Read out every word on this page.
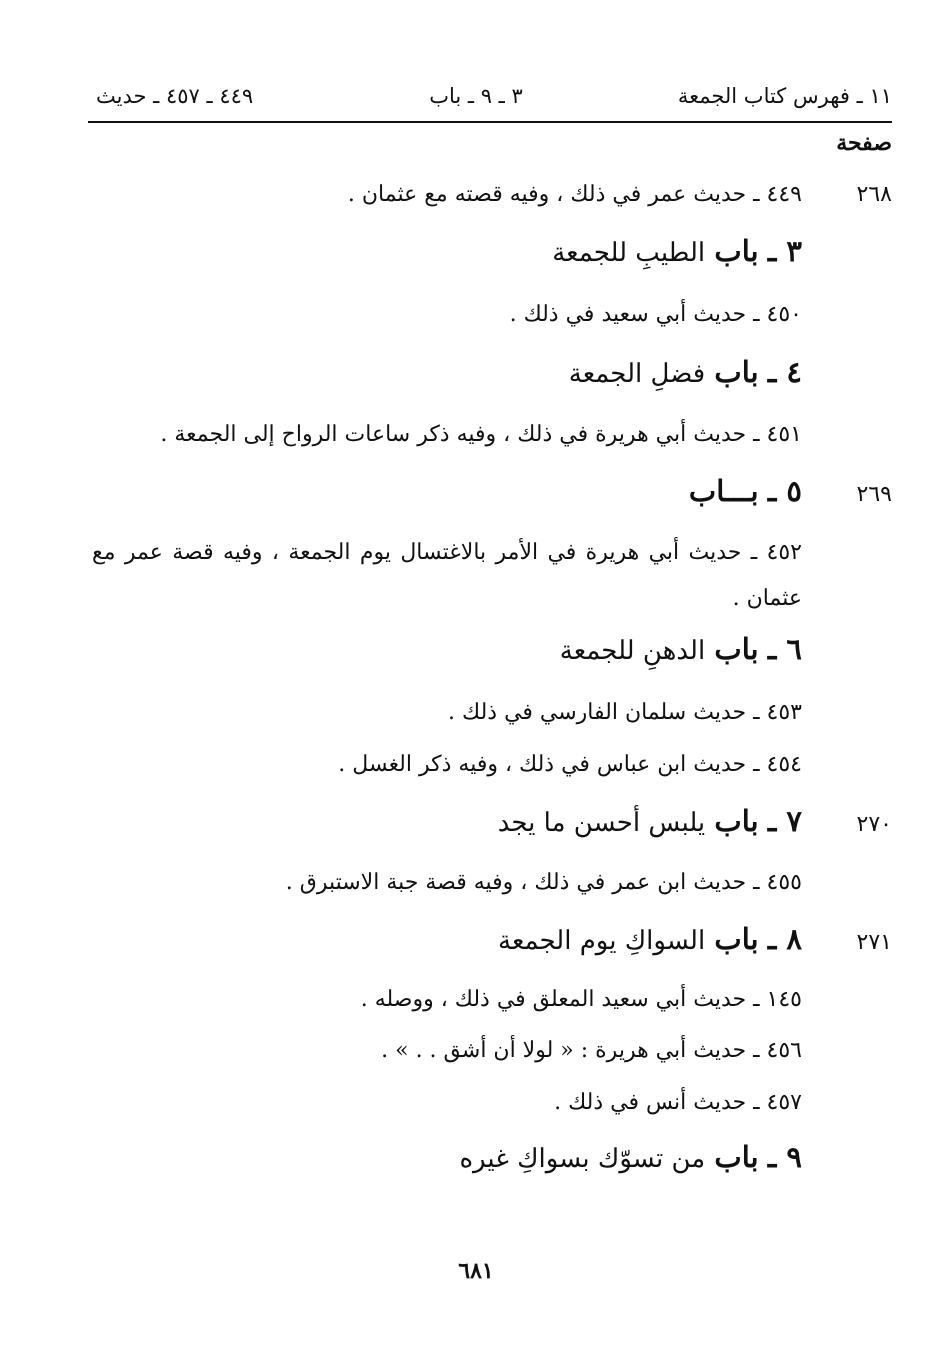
١١ ـ فهرس كتاب الجمعة
٣ ـ ٩ ـ باب
٤٤٩ ـ ٤٥٧ ـ حديث
صفحة
٢٦٨
٤٤٩ ـ حديث عمر في ذلك ، وفيه قصته مع عثمان .
٣ ـ باب الطيبِ للجمعة
٤٥٠ ـ حديث أبي سعيد في ذلك .
٤ ـ باب فضلِ الجمعة
٤٥١ ـ حديث أبي هريرة في ذلك ، وفيه ذكر ساعات الرواح إلى الجمعة .
٢٦٩
٥ ـ بـــاب
٤٥٢ ـ حديث أبي هريرة في الأمر بالاغتسال يوم الجمعة ، وفيه قصة عمر مع عثمان .
٦ ـ باب الدهنِ للجمعة
٤٥٣ ـ حديث سلمان الفارسي في ذلك .
٤٥٤ ـ حديث ابن عباس في ذلك ، وفيه ذكر الغسل .
٢٧٠
٧ ـ باب يلبس أحسن ما يجد
٤٥٥ ـ حديث ابن عمر في ذلك ، وفيه قصة جبة الاستبرق .
٢٧١
٨ ـ باب السواكِ يوم الجمعة
١٤٥ ـ حديث أبي سعيد المعلق في ذلك ، ووصله .
٤٥٦ ـ حديث أبي هريرة : « لولا أن أشق . . » .
٤٥٧ ـ حديث أنس في ذلك .
٩ ـ باب من تسوّك بسواكِ غيره
٦٨١
